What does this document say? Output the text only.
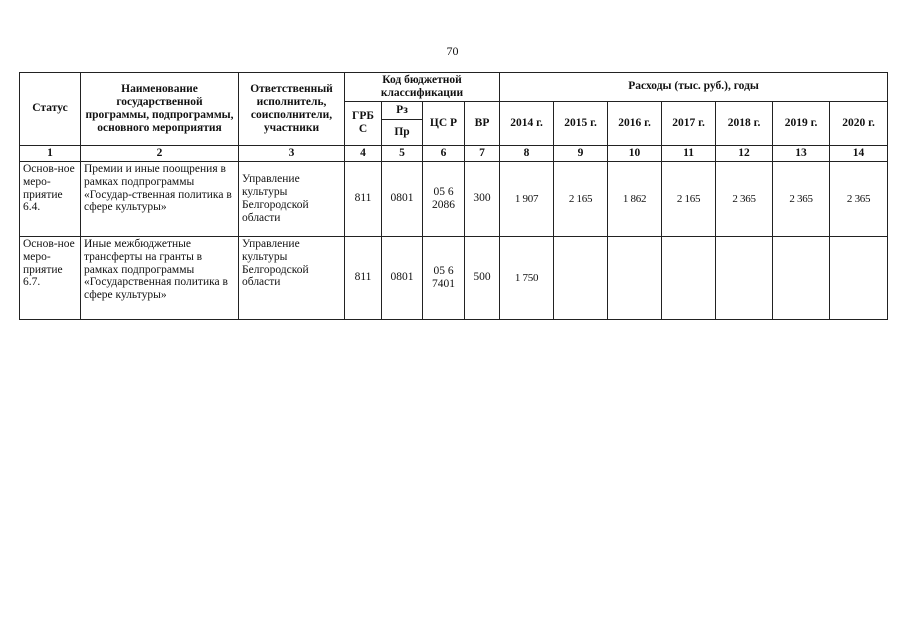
70
Статус	Наименование государственной программы, подпрограммы, основного мероприятия	Ответственный исполнитель, соисполнители, участники	Код бюджетной классификации				Расходы (тыс. руб.), годы						
			ГРБ С	Рз	ЦС Р	ВР	2014 г.	2015 г.	2016 г.	2017 г.	2018 г.	2019 г.	2020 г.
				Пр									
1	2	3	4	5	6	7	8	9	10	11	12	13	14
Основ-ное меро-приятие 6.4.	Премии и иные поощрения в рамках подпрограммы «Государ-ственная политика в сфере культуры»	Управление культуры Белгородской области	811	0801	05 6 2086	300	1 907	2 165	1 862	2 165	2 365	2 365	2 365
Основ-ное меро-приятие 6.7.	Иные межбюджетные трансферты на гранты в рамках подпрограммы «Государственная политика в сфере культуры»	Управление культуры Белгородской области	811	0801	05 6 7401	500	1 750						
